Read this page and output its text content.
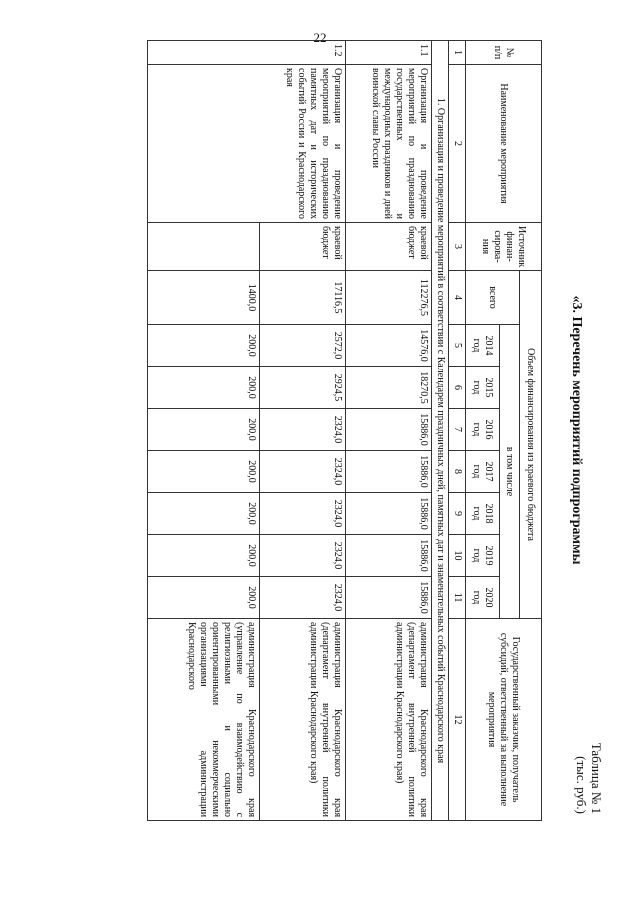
22
«3. Перечень мероприятий подпрограммы
Таблица № 1
(тыс. руб.)
№ п/п	Наименование мероприятия	Источник финан-сирова-ния	Объем финансирования из краевого бюджета								Государственный заказчик, получатель субсидий, ответственный за выполнение мероприятия
			всего	в том числе							
				2014 год	2015 год	2016 год	2017 год	2018 год	2019 год	2020 год	
1	2	3	4	5	6	7	8	9	10	11	12
1. Организация и проведение мероприятий в соответствии с Календарем праздничных дней, памятных дат и знаменательных событий Краснодарского края											
1.1	Организация и проведение мероприятий по празднованию государственных и международных праздников и дней воинской славы России	краевой бюджет	112276,5	14576,0	18270,5	15886,0	15886,0	15886,0	15886,0	15886,0	администрация Краснодарского края (департамент внутренней политики администрации Краснодарского края)
1.2	Организация и проведение мероприятий по празднованию памятных дат и исторических событий России и Краснодарского края	краевой бюджет	17116,5	2572,0	2924,5	2324,0	2324,0	2324,0	2324,0	2324,0	администрация Краснодарского края (департамент внутренней политики администрации Краснодарского края)
			1400,0	200,0	200,0	200,0	200,0	200,0	200,0	200,0	администрация Краснодарского края (управление по взаимодействию с религиозными и социально ориентированными некоммерческими организациями администрации Краснодарского
